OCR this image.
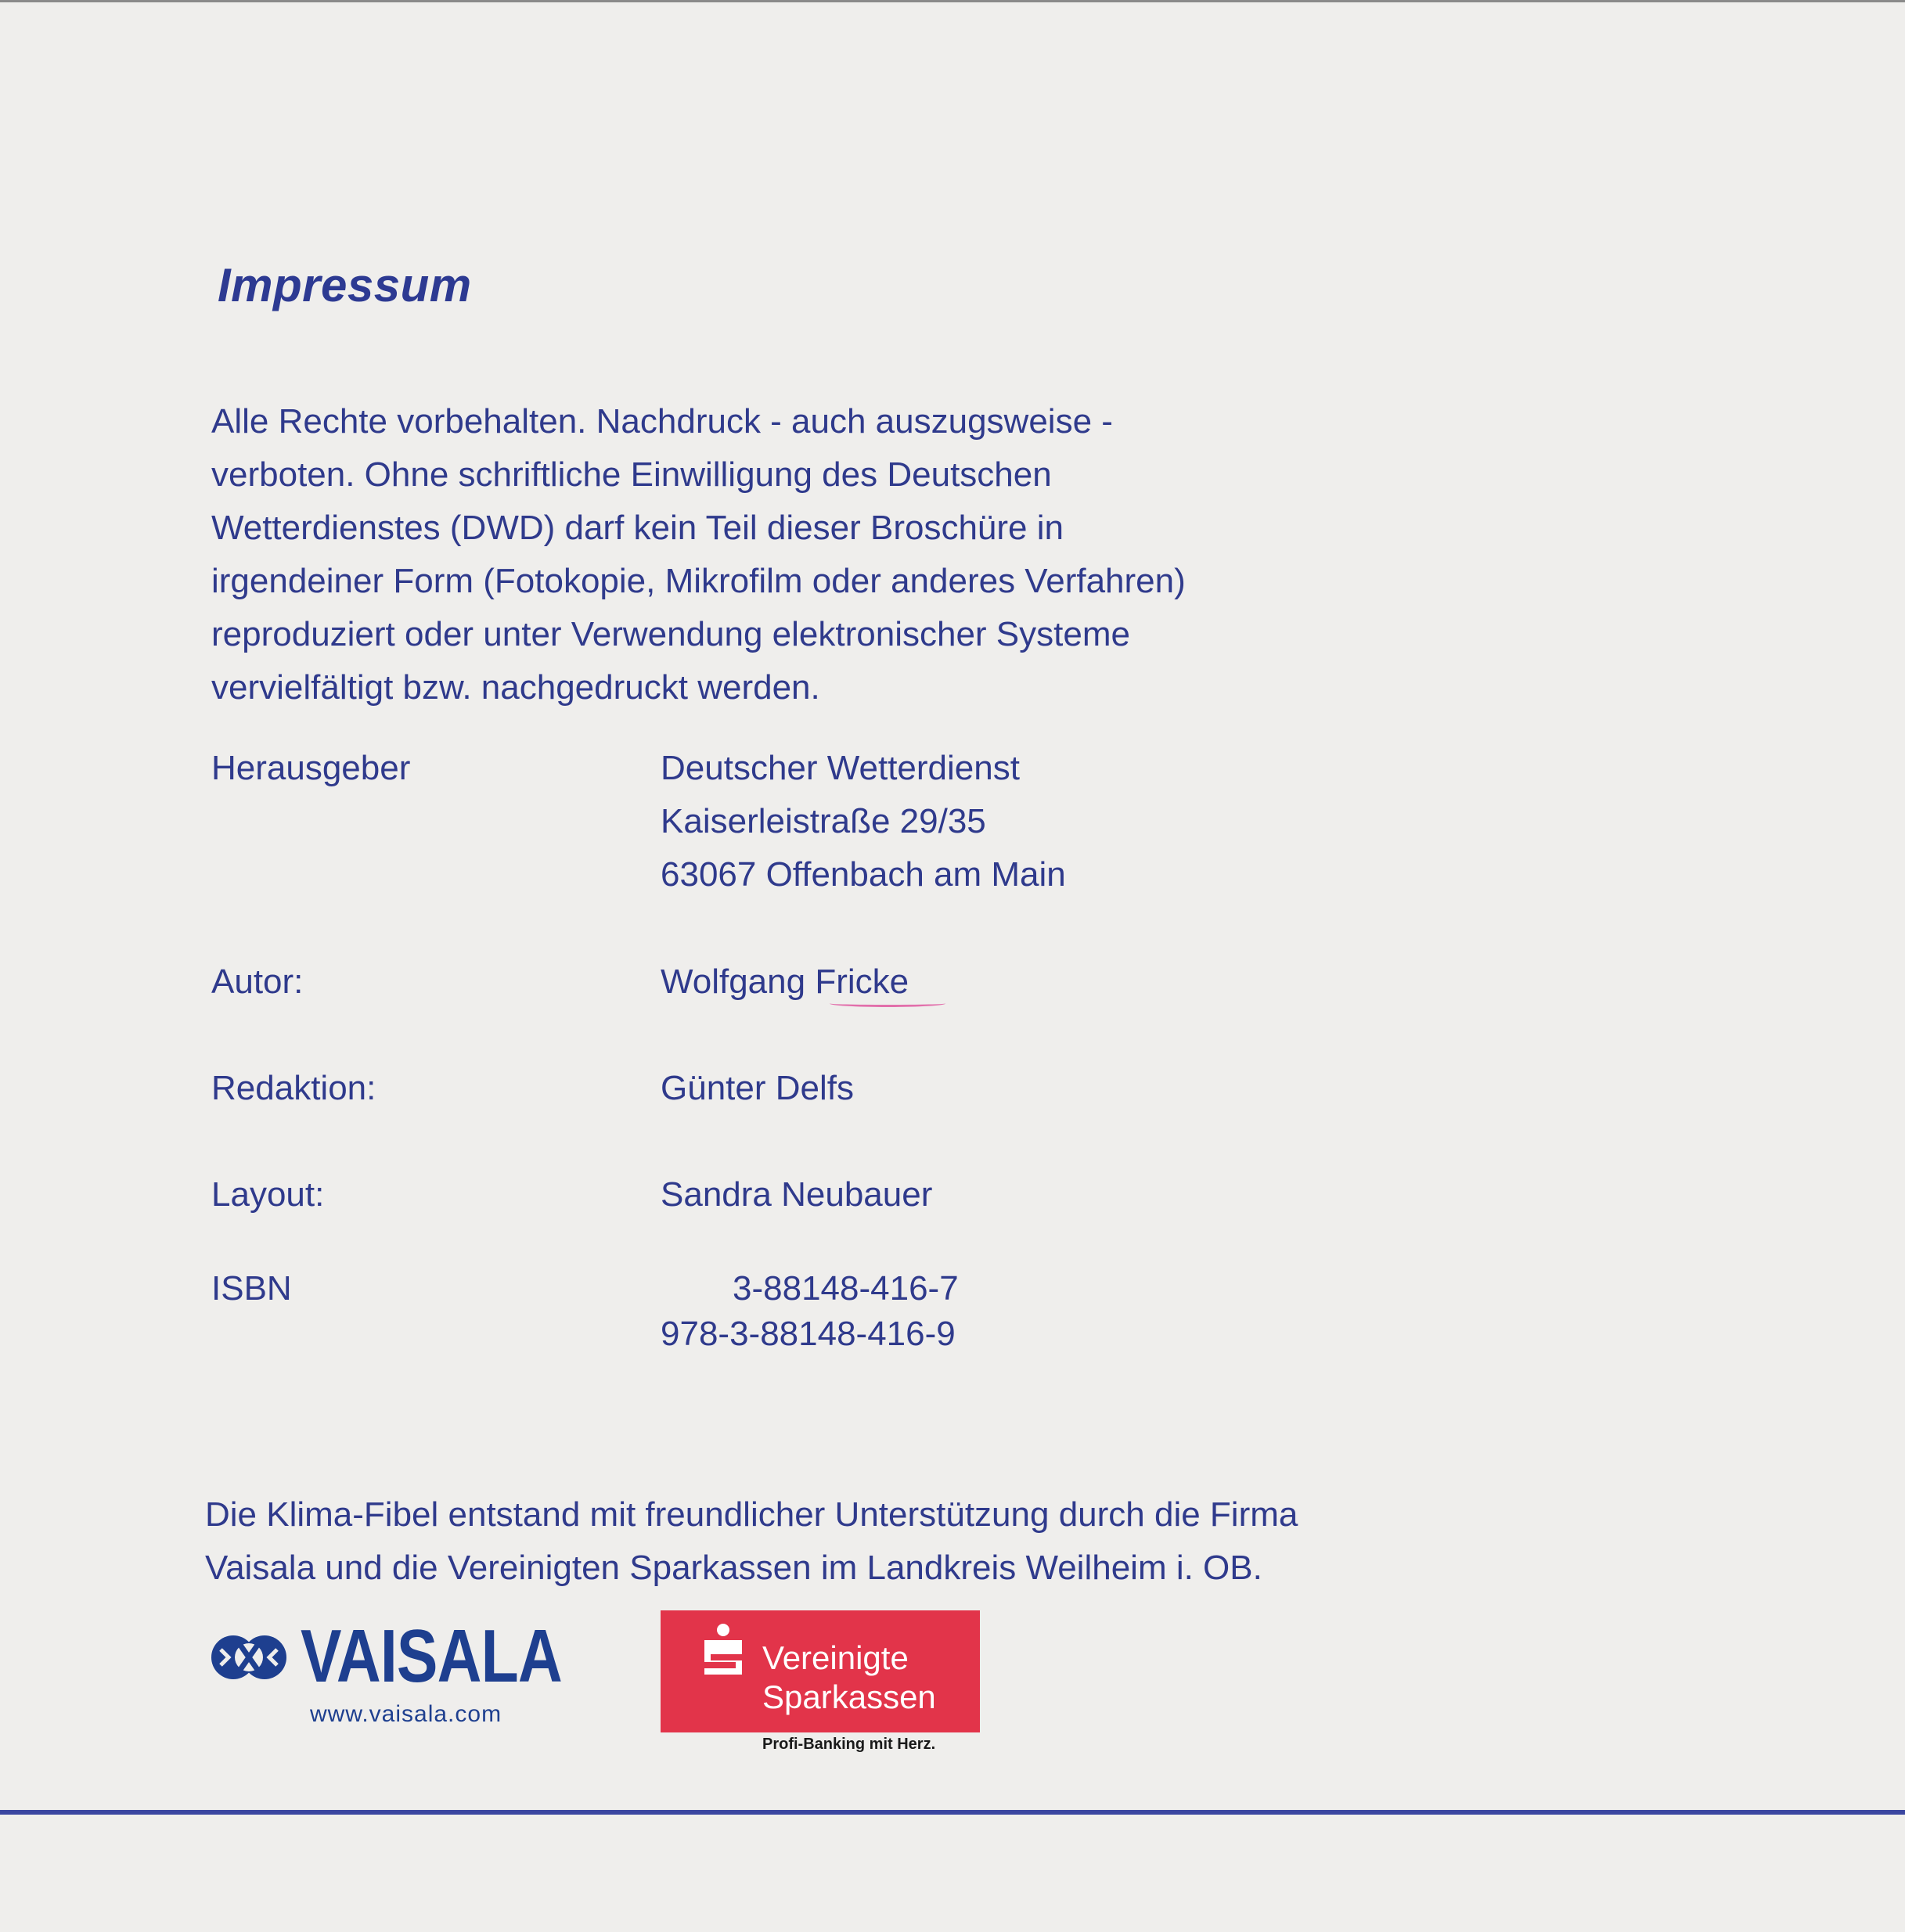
Impressum
Alle Rechte vorbehalten. Nachdruck - auch auszugsweise -
verboten. Ohne schriftliche Einwilligung des Deutschen
Wetterdienstes (DWD) darf kein Teil dieser Broschüre in
irgendeiner Form (Fotokopie, Mikrofilm oder anderes Verfahren)
reproduziert oder unter Verwendung elektronischer Systeme
vervielfältigt bzw. nachgedruckt werden.
Herausgeber	Deutscher Wetterdienst
Kaiserleistraße 29/35
63067 Offenbach am Main
Autor:	Wolfgang Fricke
Redaktion:	Günter Delfs
Layout:	Sandra Neubauer
ISBN	3-88148-416-7
978-3-88148-416-9
Die Klima-Fibel entstand mit freundlicher Unterstützung durch die Firma
Vaisala und die Vereinigten Sparkassen im Landkreis Weilheim i. OB.
VAISALA
www.vaisala.com
Vereinigte
Sparkassen
Profi-Banking mit Herz.
